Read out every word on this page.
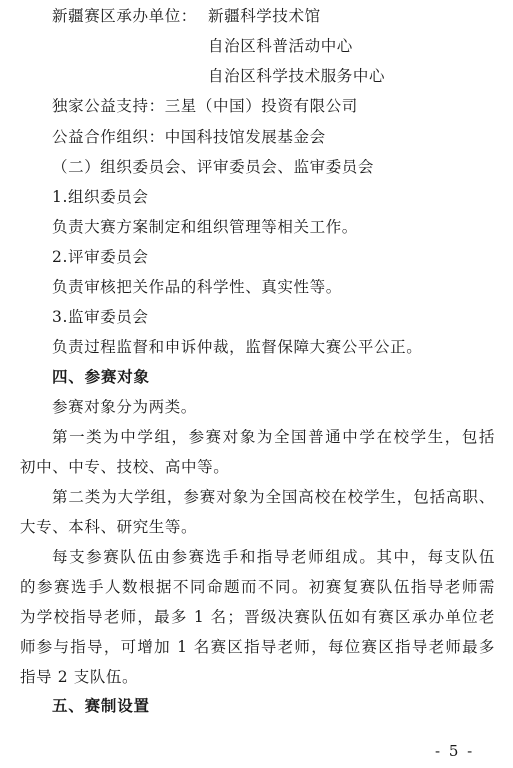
新疆赛区承办单位： 新疆科学技术馆
自治区科普活动中心
自治区科学技术服务中心
独家公益支持：三星（中国）投资有限公司
公益合作组织：中国科技馆发展基金会
（二）组织委员会、评审委员会、监审委员会
1.组织委员会
负责大赛方案制定和组织管理等相关工作。
2.评审委员会
负责审核把关作品的科学性、真实性等。
3.监审委员会
负责过程监督和申诉仲裁，监督保障大赛公平公正。
四、参赛对象
参赛对象分为两类。
第一类为中学组，参赛对象为全国普通中学在校学生，包括
初中、中专、技校、高中等。
第二类为大学组，参赛对象为全国高校在校学生，包括高职、
大专、本科、研究生等。
每支参赛队伍由参赛选手和指导老师组成。其中，每支队伍
的参赛选手人数根据不同命题而不同。初赛复赛队伍指导老师需
为学校指导老师，最多 1 名；晋级决赛队伍如有赛区承办单位老
师参与指导，可增加 1 名赛区指导老师，每位赛区指导老师最多
指导 2 支队伍。
五、赛制设置
- 5 -
